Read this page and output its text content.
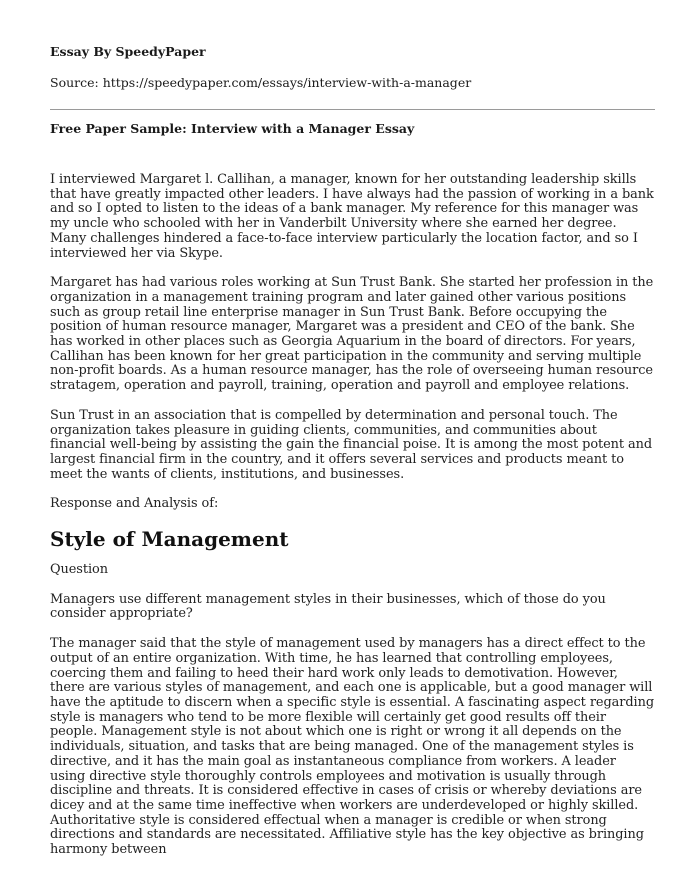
Essay By SpeedyPaper

Source: https://speedypaper.com/essays/interview-with-a-manager

Free Paper Sample: Interview with a Manager Essay

I interviewed Margaret l. Callihan, a manager, known for her outstanding leadership skills that have greatly impacted other leaders. I have always had the passion of working in a bank and so I opted to listen to the ideas of a bank manager. My reference for this manager was my uncle who schooled with her in Vanderbilt University where she earned her degree. Many challenges hindered a face-to-face interview particularly the location factor, and so I interviewed her via Skype.

Margaret has had various roles working at Sun Trust Bank. She started her profession in the organization in a management training program and later gained other various positions such as group retail line enterprise manager in Sun Trust Bank. Before occupying the position of human resource manager, Margaret was a president and CEO of the bank. She has worked in other places such as Georgia Aquarium in the board of directors. For years, Callihan has been known for her great participation in the community and serving multiple non-profit boards. As a human resource manager, has the role of overseeing human resource stratagem, operation and payroll, training, operation and payroll and employee relations.

Sun Trust in an association that is compelled by determination and personal touch. The organization takes pleasure in guiding clients, communities, and communities about financial well-being by assisting the gain the financial poise. It is among the most potent and largest financial firm in the country, and it offers several services and products meant to meet the wants of clients, institutions, and businesses.

Response and Analysis of:

Style of Management

Question

Managers use different management styles in their businesses, which of those do you consider appropriate?

The manager said that the style of management used by managers has a direct effect to the output of an entire organization. With time, he has learned that controlling employees, coercing them and failing to heed their hard work only leads to demotivation. However, there are various styles of management, and each one is applicable, but a good manager will have the aptitude to discern when a specific style is essential. A fascinating aspect regarding style is managers who tend to be more flexible will certainly get good results off their people. Management style is not about which one is right or wrong it all depends on the individuals, situation, and tasks that are being managed. One of the management styles is directive, and it has the main goal as instantaneous compliance from workers. A leader using directive style thoroughly controls employees and motivation is usually through discipline and threats. It is considered effective in cases of crisis or whereby deviations are dicey and at the same time ineffective when workers are underdeveloped or highly skilled. Authoritative style is considered effectual when a manager is credible or when strong directions and standards are necessitated. Affiliative style has the key objective as bringing harmony between
